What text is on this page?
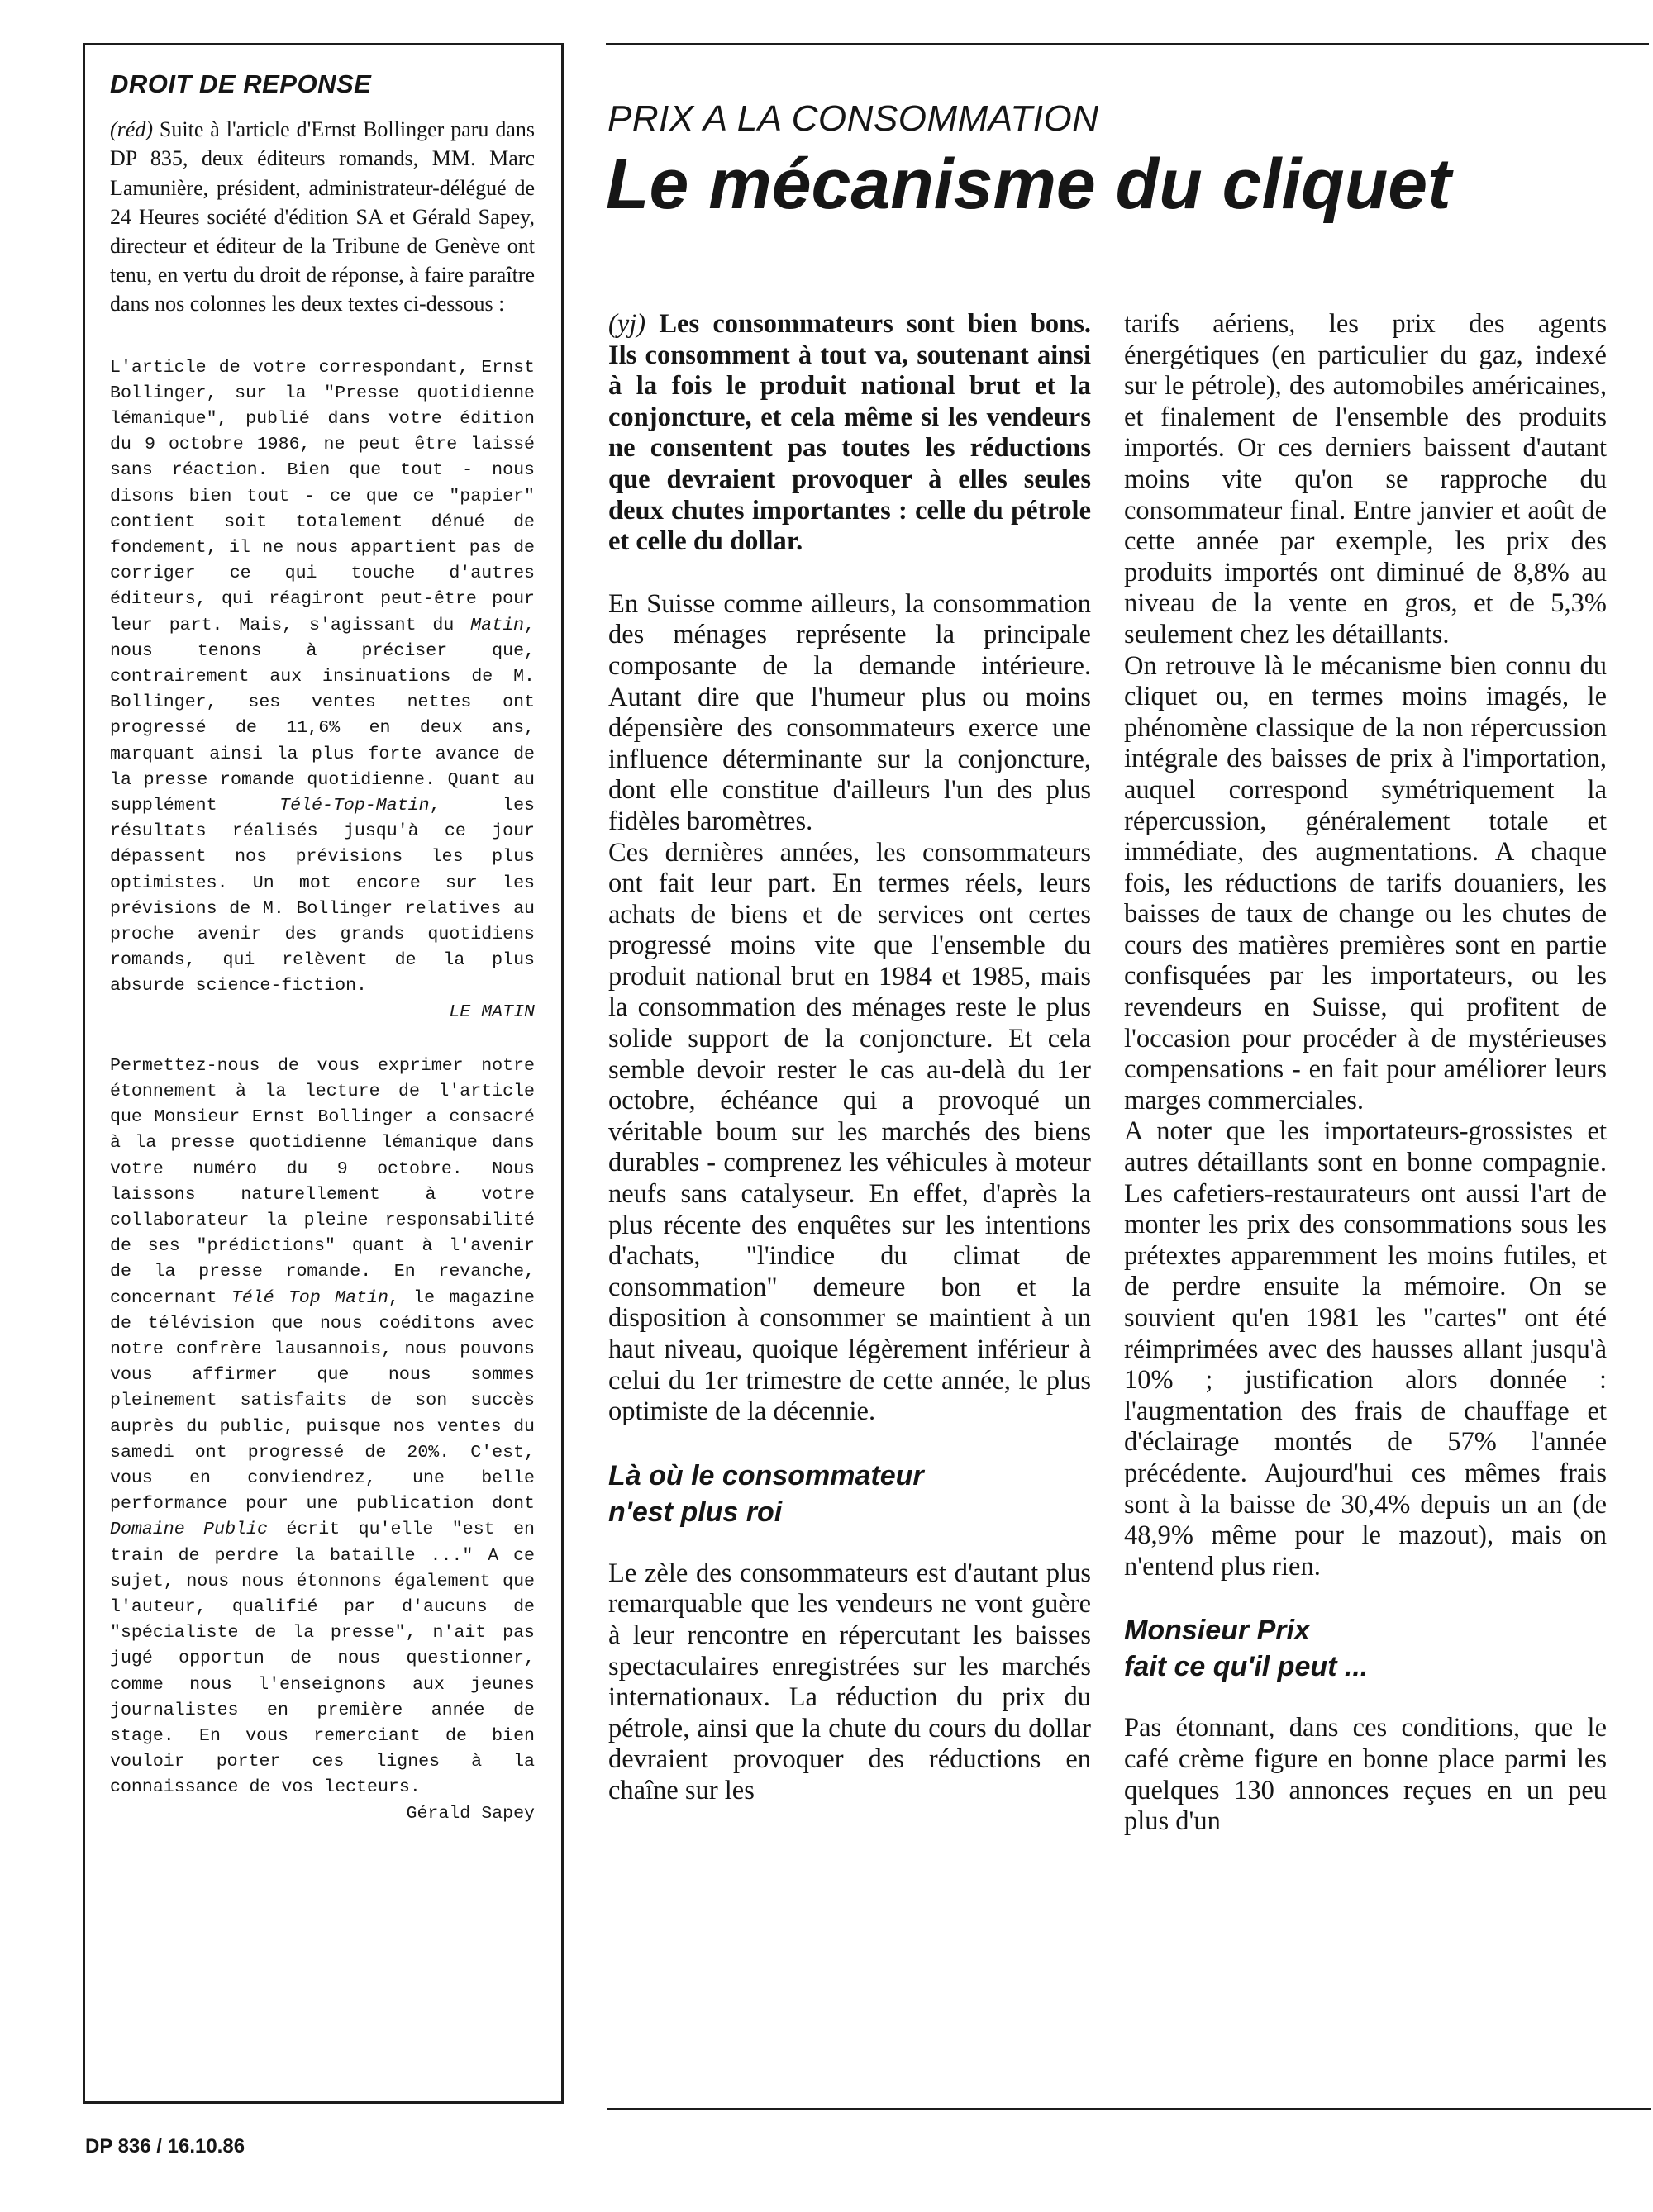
DROIT DE REPONSE

(réd) Suite à l'article d'Ernst Bollinger paru dans DP 835, deux éditeurs romands, MM. Marc Lamunière, président, administrateur-délégué de 24 Heures société d'édition SA et Gérald Sapey, directeur et éditeur de la Tribune de Genève ont tenu, en vertu du droit de réponse, à faire paraître dans nos colonnes les deux textes ci-dessous :

L'article de votre correspondant, Ernst Bollinger, sur la "Presse quotidienne lémanique", publié dans votre édition du 9 octobre 1986, ne peut être laissé sans réaction. Bien que tout - nous disons bien tout - ce que ce "papier" contient soit totalement dénué de fondement, il ne nous appartient pas de corriger ce qui touche d'autres éditeurs, qui réagiront peut-être pour leur part. Mais, s'agissant du Matin, nous tenons à préciser que, contrairement aux insinuations de M. Bollinger, ses ventes nettes ont progressé de 11,6% en deux ans, marquant ainsi la plus forte avance de la presse romande quotidienne. Quant au supplément	Télé-Top-Matin, les résultats réalisés jusqu'à ce jour dépassent nos prévisions les plus optimistes. Un mot encore sur les prévisions de M. Bollinger relatives au proche avenir des grands quotidiens romands, qui relèvent de la plus absurde science-fiction.

LE MATIN

Permettez-nous de vous exprimer notre étonnement à la lecture de l'article que Monsieur Ernst Bollinger a consacré à la presse quotidienne lémanique dans votre numéro du 9 octobre. Nous laissons naturellement à votre collaborateur la pleine responsabilité de ses "prédictions" quant à l'avenir de la presse romande. En revanche, concernant Télé Top Matin, le magazine de télévision que nous coéditons avec notre confrère lausannois, nous pouvons vous affirmer que nous sommes pleinement satisfaits de son succès auprès du public, puisque nos ventes du samedi ont progressé de 20%. C'est, vous en conviendrez, une belle performance pour une publication dont Domaine Public écrit qu'elle "est en train de perdre la bataille ..." A ce sujet, nous nous étonnons également que l'auteur, qualifié par d'aucuns de "spécialiste de la presse", n'ait pas jugé opportun de nous questionner, comme nous l'enseignons aux jeunes journalistes en première année de stage. En vous remerciant de bien vouloir porter ces lignes à la connaissance de vos lecteurs.

Gérald Sapey

PRIX A LA CONSOMMATION

Le mécanisme du cliquet

(yj) Les consommateurs sont bien bons. Ils consomment à tout va, soutenant ainsi à la fois le produit national brut et la conjoncture, et cela même si les vendeurs ne consentent pas toutes les réductions que devraient provoquer à elles seules deux chutes importantes : celle du pétrole et celle du dollar.

En Suisse comme ailleurs, la consommation des ménages représente la principale composante de la demande intérieure. Autant dire que l'humeur plus ou moins dépensière des consommateurs exerce une influence déterminante sur la conjoncture, dont elle constitue d'ailleurs l'un des plus fidèles baromètres.

Ces dernières années, les consommateurs ont fait leur part. En termes réels, leurs achats de biens et de services ont certes progressé moins vite que l'ensemble du produit national brut en 1984 et 1985, mais la consommation des ménages reste le plus solide support de la conjoncture. Et cela semble devoir rester le cas au-delà du 1er octobre, échéance qui a provoqué un véritable boum sur les marchés des biens durables - comprenez les véhicules à moteur neufs sans catalyseur. En effet, d'après la plus récente des enquêtes sur les intentions d'achats, "l'indice du climat de consommation" demeure bon et la disposition à consommer se maintient à un haut niveau, quoique légèrement inférieur à celui du 1er trimestre de cette année, le plus optimiste de la décennie.

Là où le consommateur
n'est plus roi

Le zèle des consommateurs est d'autant plus remarquable que les vendeurs ne vont guère à leur rencontre en répercutant les baisses spectaculaires enregistrées sur les marchés internationaux. La réduction du prix du pétrole, ainsi que la chute du cours du dollar devraient provoquer des réductions en chaîne sur les

tarifs aériens, les prix des agents énergétiques (en particulier du gaz, indexé sur le pétrole), des automobiles américaines, et finalement de l'ensemble des produits importés. Or ces derniers baissent d'autant moins vite qu'on se rapproche du consommateur final. Entre janvier et août de cette année par exemple, les prix des produits importés ont diminué de 8,8% au niveau de la vente en gros, et de 5,3% seulement chez les détaillants.

On retrouve là le mécanisme bien connu du cliquet ou, en termes moins imagés, le phénomène classique de la non répercussion intégrale des baisses de prix à l'importation, auquel correspond symétriquement la répercussion, généralement totale et immédiate, des augmentations. A chaque fois, les réductions de tarifs douaniers, les baisses de taux de change ou les chutes de cours des matières premières sont en partie confisquées par les importateurs, ou les revendeurs en Suisse, qui profitent de l'occasion pour procéder à de mystérieuses compensations - en fait pour améliorer leurs marges commerciales.

A noter que les importateurs-grossistes et autres détaillants sont en bonne compagnie. Les cafetiers-restaurateurs ont aussi l'art de monter les prix des consommations sous les prétextes apparemment les moins futiles, et de perdre ensuite la mémoire. On se souvient qu'en 1981 les "cartes" ont été réimprimées avec des hausses allant jusqu'à 10% ; justification alors donnée : l'augmentation des frais de chauffage et d'éclairage montés de 57% l'année précédente. Aujourd'hui ces mêmes frais sont à la baisse de 30,4% depuis un an (de 48,9% même pour le mazout), mais on n'entend plus rien.

Monsieur Prix
fait ce qu'il peut ...

Pas étonnant, dans ces conditions, que le café crème figure en bonne place parmi les quelques 130 annonces reçues en un peu plus d'un

DP 836 / 16.10.86
